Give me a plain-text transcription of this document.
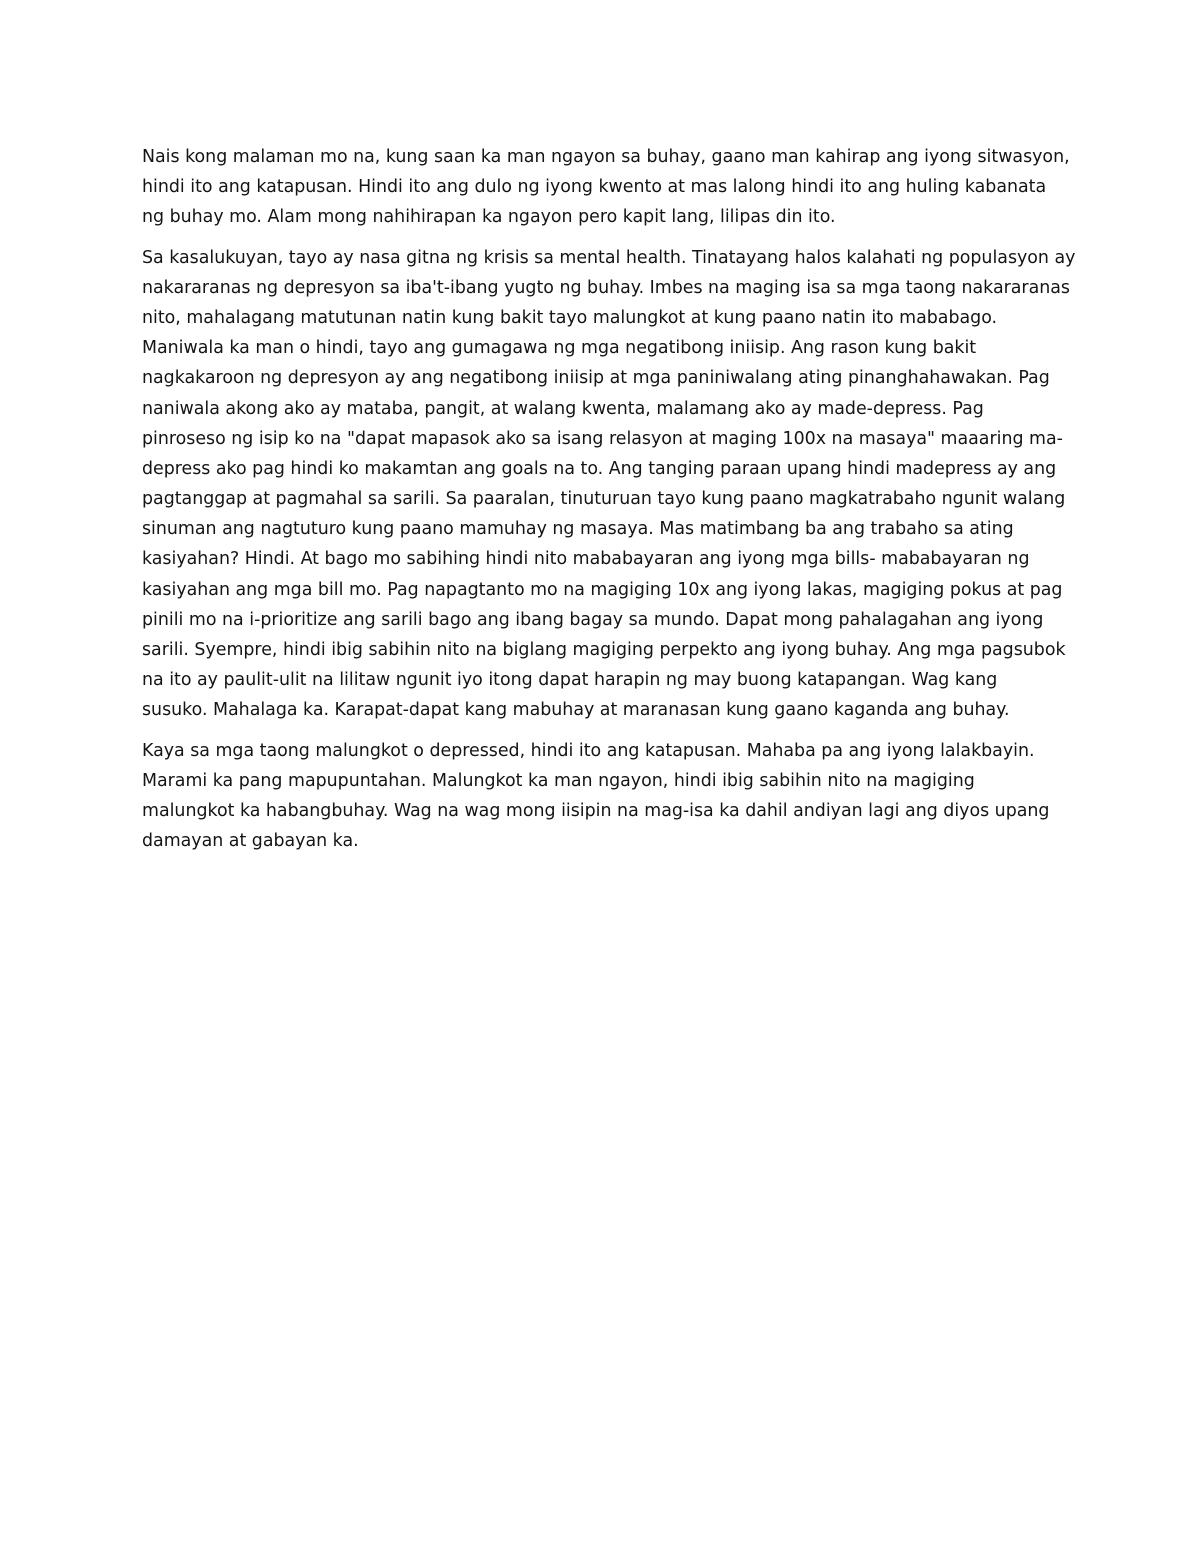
Nais kong malaman mo na, kung saan ka man ngayon sa buhay, gaano man kahirap ang iyong sitwasyon,
hindi ito ang katapusan. Hindi ito ang dulo ng iyong kwento at mas lalong hindi ito ang huling kabanata
ng buhay mo. Alam mong nahihirapan ka ngayon pero kapit lang, lilipas din ito.

Sa kasalukuyan, tayo ay nasa gitna ng krisis sa mental health. Tinatayang halos kalahati ng populasyon ay
nakararanas ng depresyon sa iba't-ibang yugto ng buhay. Imbes na maging isa sa mga taong nakararanas
nito, mahalagang matutunan natin kung bakit tayo malungkot at kung paano natin ito mababago.
Maniwala ka man o hindi, tayo ang gumagawa ng mga negatibong iniisip. Ang rason kung bakit
nagkakaroon ng depresyon ay ang negatibong iniisip at mga paniniwalang ating pinanghahawakan. Pag
naniwala akong ako ay mataba, pangit, at walang kwenta, malamang ako ay made-depress. Pag
pinroseso ng isip ko na "dapat mapasok ako sa isang relasyon at maging 100x na masaya" maaaring ma-
depress ako pag hindi ko makamtan ang goals na to. Ang tanging paraan upang hindi madepress ay ang
pagtanggap at pagmahal sa sarili. Sa paaralan, tinuturuan tayo kung paano magkatrabaho ngunit walang
sinuman ang nagtuturo kung paano mamuhay ng masaya. Mas matimbang ba ang trabaho sa ating
kasiyahan? Hindi. At bago mo sabihing hindi nito mababayaran ang iyong mga bills- mababayaran ng
kasiyahan ang mga bill mo. Pag napagtanto mo na magiging 10x ang iyong lakas, magiging pokus at pag
pinili mo na i-prioritize ang sarili bago ang ibang bagay sa mundo. Dapat mong pahalagahan ang iyong
sarili. Syempre, hindi ibig sabihin nito na biglang magiging perpekto ang iyong buhay. Ang mga pagsubok
na ito ay paulit-ulit na lilitaw ngunit iyo itong dapat harapin ng may buong katapangan. Wag kang
susuko. Mahalaga ka. Karapat-dapat kang mabuhay at maranasan kung gaano kaganda ang buhay.

Kaya sa mga taong malungkot o depressed, hindi ito ang katapusan. Mahaba pa ang iyong lalakbayin.
Marami ka pang mapupuntahan. Malungkot ka man ngayon, hindi ibig sabihin nito na magiging
malungkot ka habangbuhay. Wag na wag mong iisipin na mag-isa ka dahil andiyan lagi ang diyos upang
damayan at gabayan ka.
